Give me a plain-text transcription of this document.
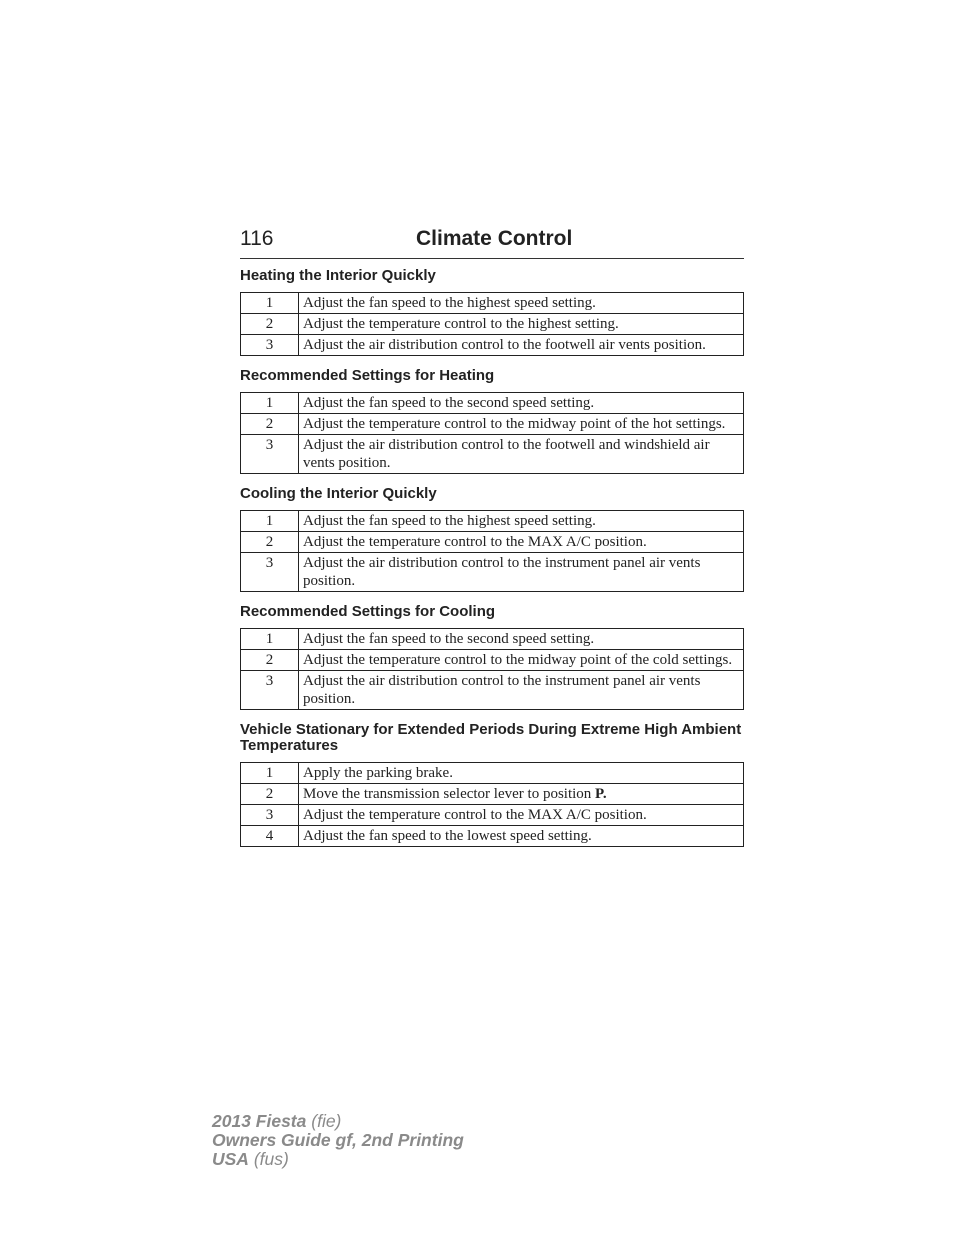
116	Climate Control
Heating the Interior Quickly
1	Adjust the fan speed to the highest speed setting.
2	Adjust the temperature control to the highest setting.
3	Adjust the air distribution control to the footwell air vents position.
Recommended Settings for Heating
1	Adjust the fan speed to the second speed setting.
2	Adjust the temperature control to the midway point of the hot settings.
3	Adjust the air distribution control to the footwell and windshield air vents position.
Cooling the Interior Quickly
1	Adjust the fan speed to the highest speed setting.
2	Adjust the temperature control to the MAX A/C position.
3	Adjust the air distribution control to the instrument panel air vents position.
Recommended Settings for Cooling
1	Adjust the fan speed to the second speed setting.
2	Adjust the temperature control to the midway point of the cold settings.
3	Adjust the air distribution control to the instrument panel air vents position.
Vehicle Stationary for Extended Periods During Extreme High Ambient Temperatures
1	Apply the parking brake.
2	Move the transmission selector lever to position P.
3	Adjust the temperature control to the MAX A/C position.
4	Adjust the fan speed to the lowest speed setting.
2013 Fiesta (fie)
Owners Guide gf, 2nd Printing
USA (fus)
